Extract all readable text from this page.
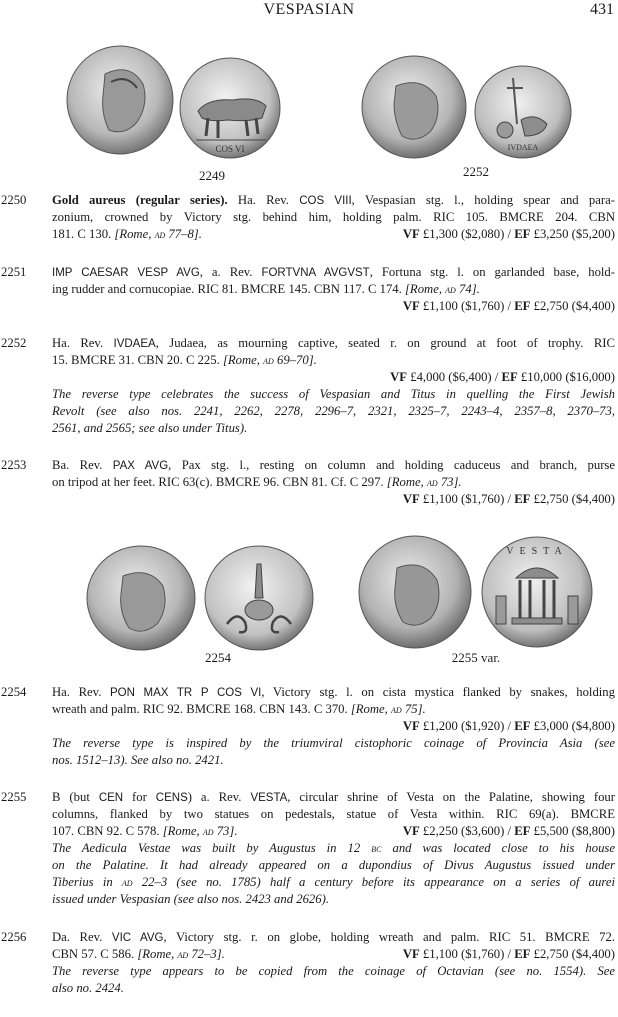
VESPASIAN	431
COS VI	IVDAEA
2249	2252
2250 Gold aureus (regular series). Ha. Rev. COS VIII, Vespasian stg. l., holding spear and para-
zonium, crowned by Victory stg. behind him, holding palm. RIC 105. BMCRE 204. CBN
181. C 130. [Rome, ad 77–8].	VF £1,300 ($2,080) / EF £3,250 ($5,200)
2251 IMP CAESAR VESP AVG, a. Rev. FORTVNA AVGVST, Fortuna stg. l. on garlanded base, hold-
ing rudder and cornucopiae. RIC 81. BMCRE 145. CBN 117. C 174. [Rome, ad 74].
VF £1,100 ($1,760) / EF £2,750 ($4,400)
2252 Ha. Rev. IVDAEA, Judaea, as mourning captive, seated r. on ground at foot of trophy. RIC
15. BMCRE 31. CBN 20. C 225. [Rome, ad 69–70].
VF £4,000 ($6,400) / EF £10,000 ($16,000)
The reverse type celebrates the success of Vespasian and Titus in quelling the First Jewish
Revolt (see also nos. 2241, 2262, 2278, 2296–7, 2321, 2325–7, 2243–4, 2357–8, 2370–73,
2561, and 2565; see also under Titus).
2253 Ba. Rev. PAX AVG, Pax stg. l., resting on column and holding caduceus and branch, purse
on tripod at her feet. RIC 63(c). BMCRE 96. CBN 81. Cf. C 297. [Rome, ad 73].
VF £1,100 ($1,760) / EF £2,750 ($4,400)
VESTA
2254	2255 var.
2254 Ha. Rev. PON MAX TR P COS VI, Victory stg. l. on cista mystica flanked by snakes, holding
wreath and palm. RIC 92. BMCRE 168. CBN 143. C 370. [Rome, ad 75].
VF £1,200 ($1,920) / EF £3,000 ($4,800)
The reverse type is inspired by the triumviral cistophoric coinage of Provincia Asia (see
nos. 1512–13). See also no. 2421.
2255 B (but CEN for CENS) a. Rev. VESTA, circular shrine of Vesta on the Palatine, showing four
columns, flanked by two statues on pedestals, statue of Vesta within. RIC 69(a). BMCRE
107. CBN 92. C 578. [Rome, ad 73].	VF £2,250 ($3,600) / EF £5,500 ($8,800)
The Aedicula Vestae was built by Augustus in 12 bc and was located close to his house
on the Palatine. It had already appeared on a dupondius of Divus Augustus issued under
Tiberius in ad 22–3 (see no. 1785) half a century before its appearance on a series of aurei
issued under Vespasian (see also nos. 2423 and 2626).
2256 Da. Rev. VIC AVG, Victory stg. r. on globe, holding wreath and palm. RIC 51. BMCRE 72.
CBN 57. C 586. [Rome, ad 72–3].	VF £1,100 ($1,760) / EF £2,750 ($4,400)
The reverse type appears to be copied from the coinage of Octavian (see no. 1554). See
also no. 2424.
